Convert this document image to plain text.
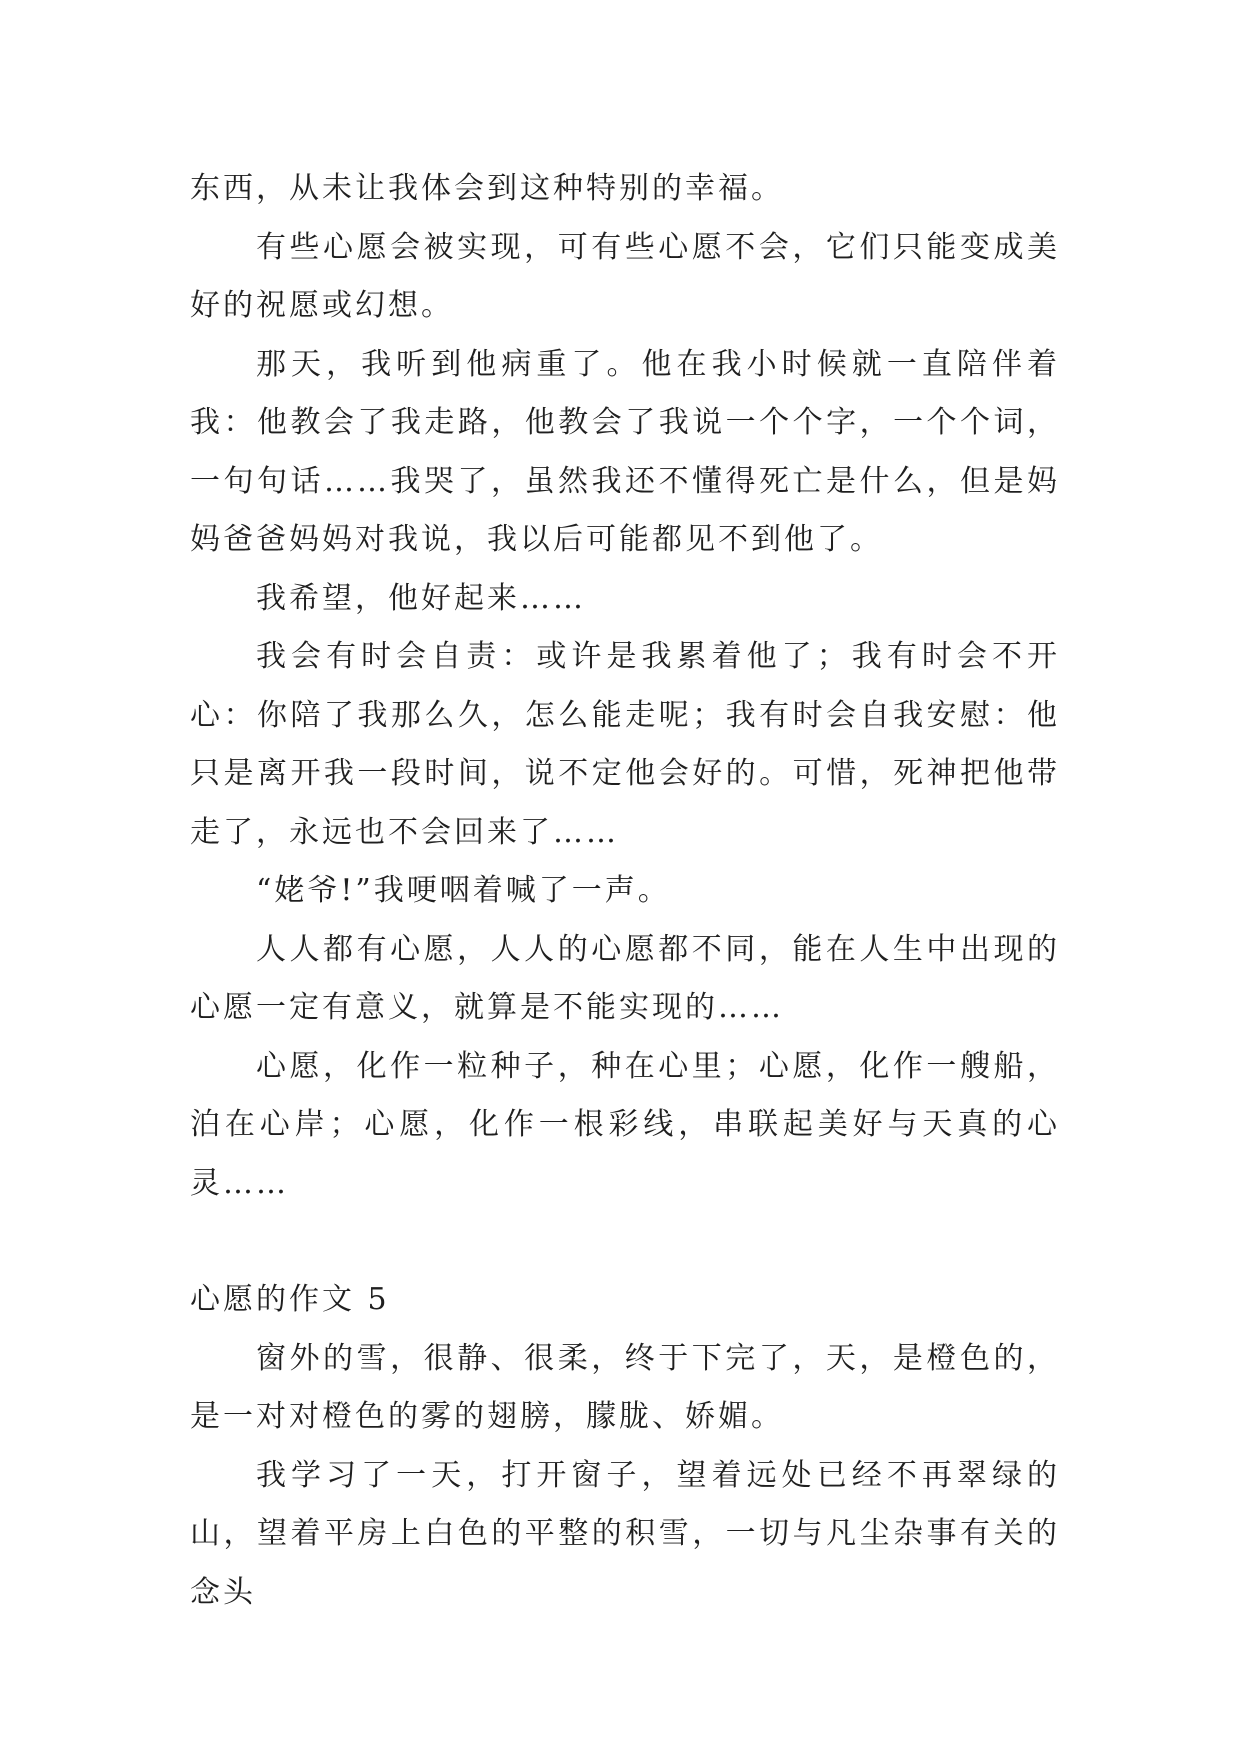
东西，从未让我体会到这种特别的幸福。

有些心愿会被实现，可有些心愿不会，它们只能变成美好的祝愿或幻想。

那天，我听到他病重了。他在我小时候就一直陪伴着我：他教会了我走路，他教会了我说一个个字，一个个词，一句句话……我哭了，虽然我还不懂得死亡是什么，但是妈妈爸爸妈妈对我说，我以后可能都见不到他了。

我希望，他好起来……

我会有时会自责：或许是我累着他了；我有时会不开心：你陪了我那么久，怎么能走呢；我有时会自我安慰：他只是离开我一段时间，说不定他会好的。可惜，死神把他带走了，永远也不会回来了……

“姥爷!”我哽咽着喊了一声。

人人都有心愿，人人的心愿都不同，能在人生中出现的心愿一定有意义，就算是不能实现的……

心愿，化作一粒种子，种在心里；心愿，化作一艘船，泊在心岸；心愿，化作一根彩线，串联起美好与天真的心灵……

心愿的作文 5

窗外的雪，很静、很柔，终于下完了，天，是橙色的，是一对对橙色的雾的翅膀，朦胧、娇媚。

我学习了一天，打开窗子，望着远处已经不再翠绿的山，望着平房上白色的平整的积雪，一切与凡尘杂事有关的念头
